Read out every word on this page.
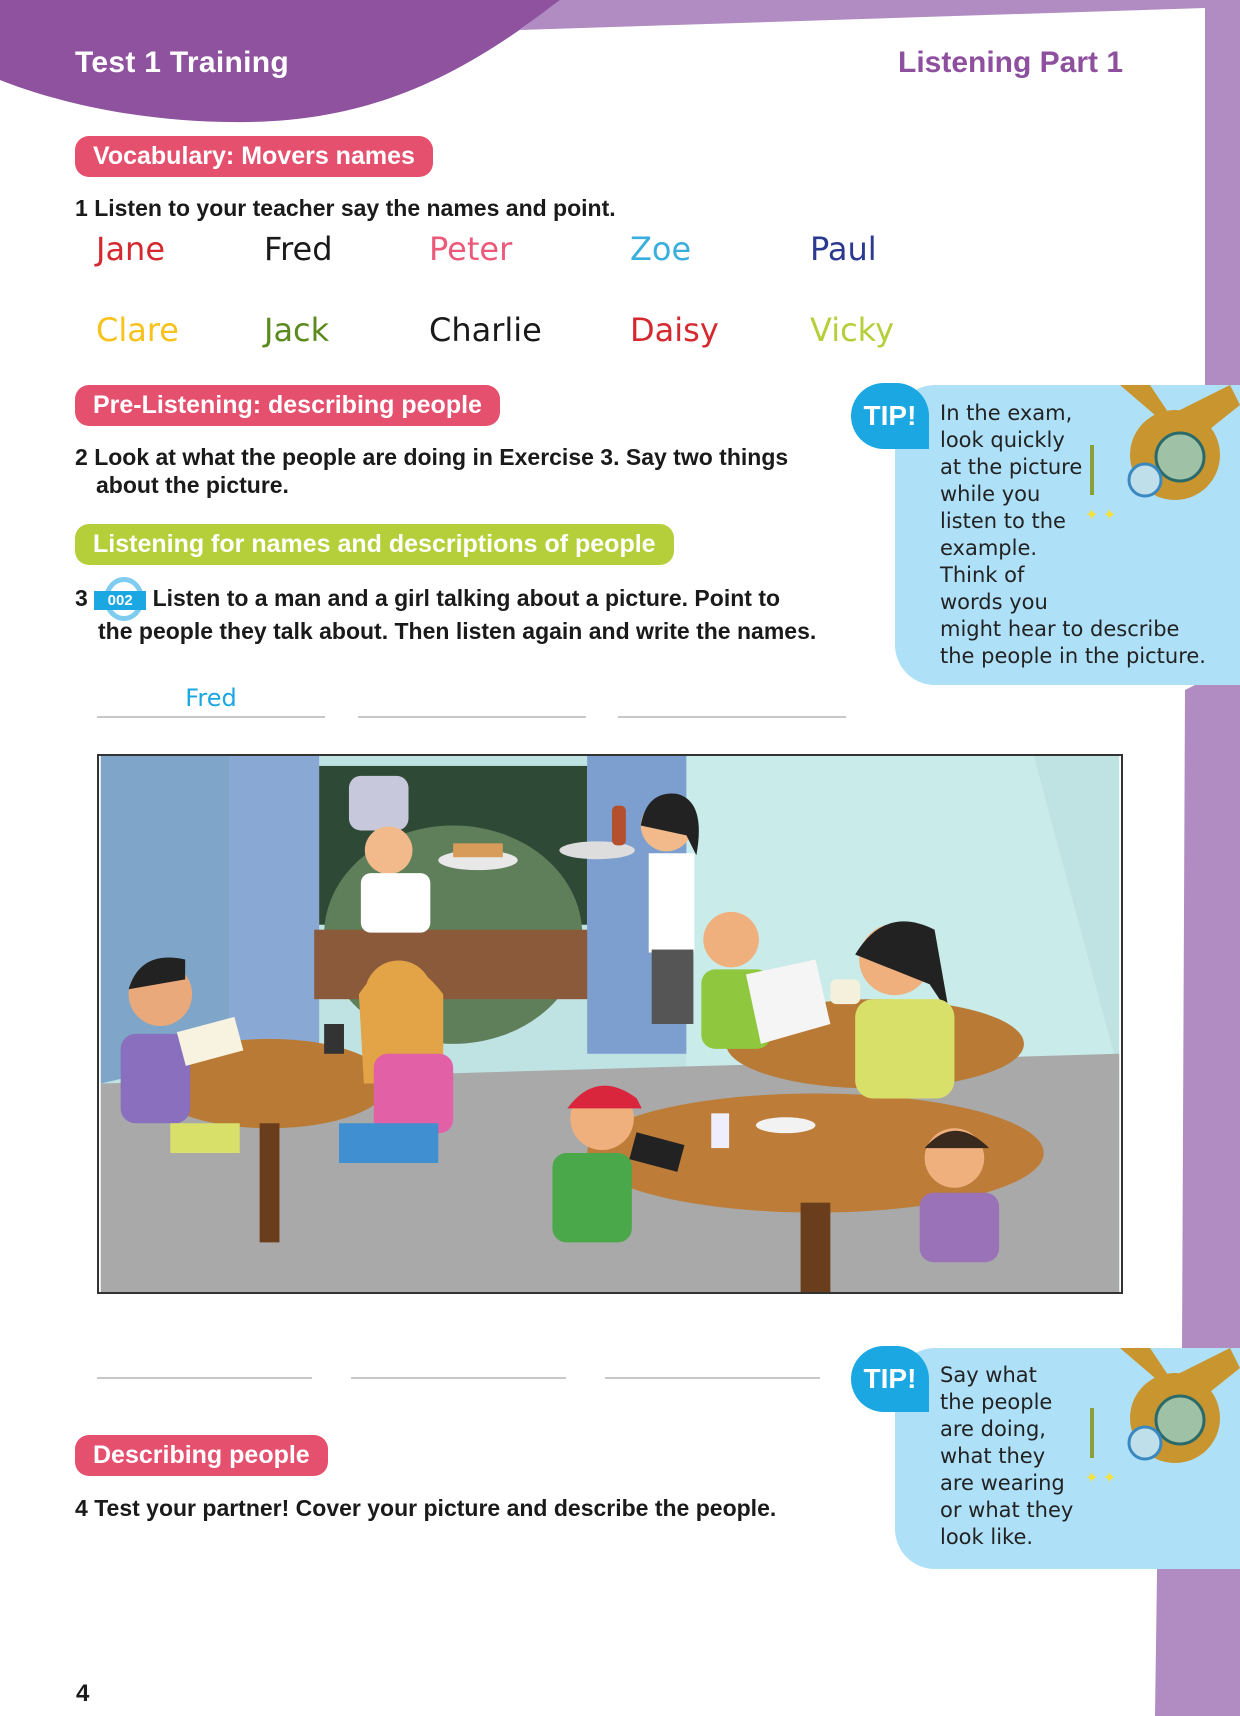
Test 1 Training	Listening Part 1
Vocabulary: Movers names
1 Listen to your teacher say the names and point.
Jane	Fred	Peter	Zoe	Paul
Clare	Jack	Charlie	Daisy	Vicky
Pre-Listening: describing people
2 Look at what the people are doing in Exercise 3. Say two things
about the picture.
Listening for names and descriptions of people
3	002 Listen to a man and a girl talking about a picture. Point to
the people they talk about. Then listen again and write the names.
Fred
Describing people
4 Test your partner! Cover your picture and describe the people.
TIP!	In the exam,
look quickly
at the picture
while you
listen to the
example.
Think of
words you
might hear to describe
the people in the picture.
✦ ✦
TIP!	Say what
the people
are doing,
what they
are wearing
or what they
look like.
✦ ✦
4
